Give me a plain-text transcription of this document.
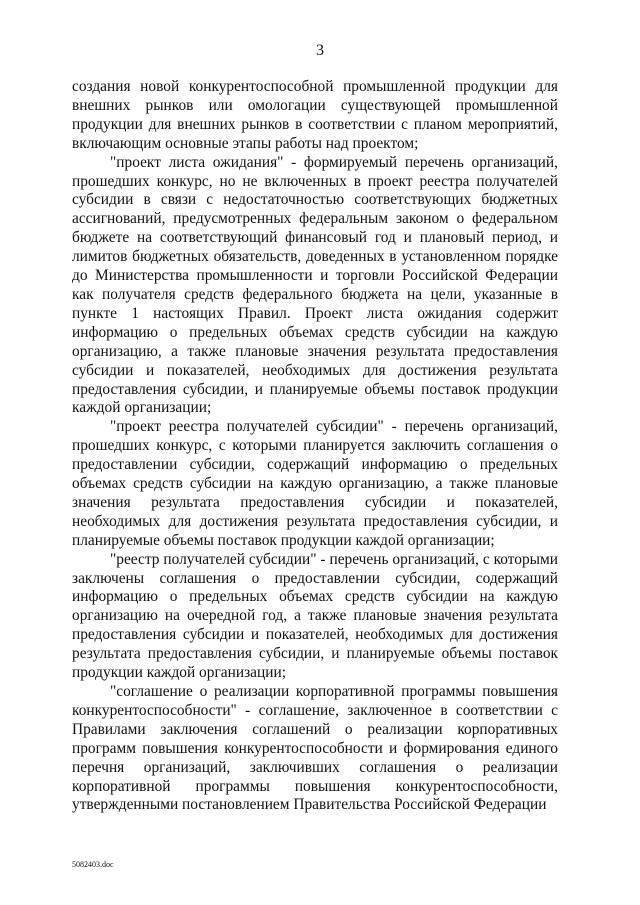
3

создания новой конкурентоспособной промышленной продукции для внешних рынков или омологации существующей промышленной продукции для внешних рынков в соответствии с планом мероприятий, включающим основные этапы работы над проектом;

"проект листа ожидания" - формируемый перечень организаций, прошедших конкурс, но не включенных в проект реестра получателей субсидии в связи с недостаточностью соответствующих бюджетных ассигнований, предусмотренных федеральным законом о федеральном бюджете на соответствующий финансовый год и плановый период, и лимитов бюджетных обязательств, доведенных в установленном порядке до Министерства промышленности и торговли Российской Федерации как получателя средств федерального бюджета на цели, указанные в пункте 1 настоящих Правил. Проект листа ожидания содержит информацию о предельных объемах средств субсидии на каждую организацию, а также плановые значения результата предоставления субсидии и показателей, необходимых для достижения результата предоставления субсидии, и планируемые объемы поставок продукции каждой организации;

"проект реестра получателей субсидии" - перечень организаций, прошедших конкурс, с которыми планируется заключить соглашения о предоставлении субсидии, содержащий информацию о предельных объемах средств субсидии на каждую организацию, а также плановые значения результата предоставления субсидии и показателей, необходимых для достижения результата предоставления субсидии, и планируемые объемы поставок продукции каждой организации;

"реестр получателей субсидии" - перечень организаций, с которыми заключены соглашения о предоставлении субсидии, содержащий информацию о предельных объемах средств субсидии на каждую организацию на очередной год, а также плановые значения результата предоставления субсидии и показателей, необходимых для достижения результата предоставления субсидии, и планируемые объемы поставок продукции каждой организации;

"соглашение о реализации корпоративной программы повышения конкурентоспособности" - соглашение, заключенное в соответствии с Правилами заключения соглашений о реализации корпоративных программ повышения конкурентоспособности и формирования единого перечня организаций, заключивших соглашения о реализации корпоративной программы повышения конкурентоспособности, утвержденными постановлением Правительства Российской Федерации

5082403.doc
